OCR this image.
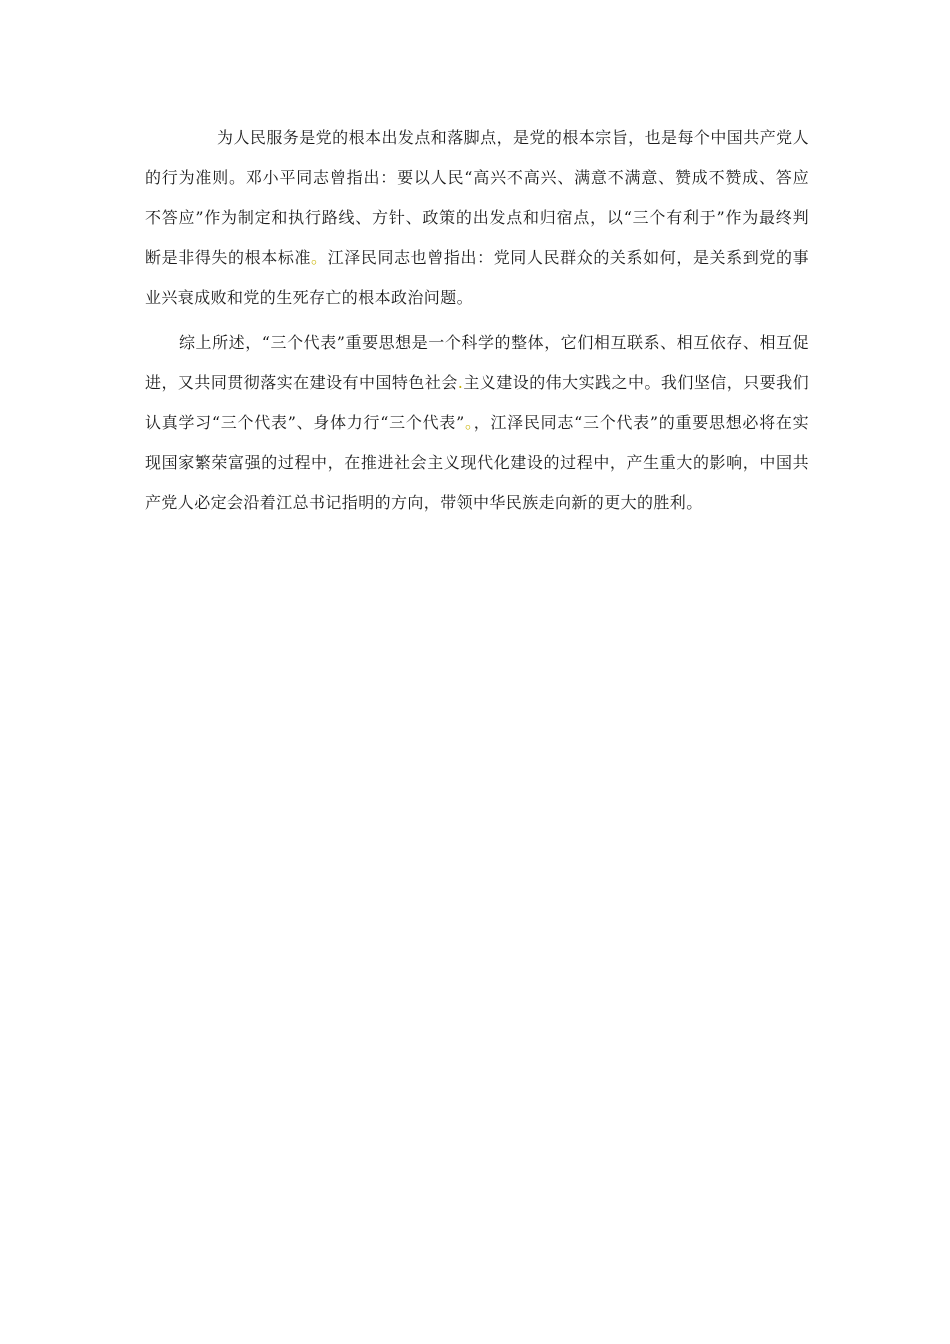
为人民服务是党的根本出发点和落脚点，是党的根本宗旨，也是每个中国共产党人的行为准则。邓小平同志曾指出：要以人民“高兴不高兴、满意不满意、赞成不赞成、答应不答应”作为制定和执行路线、方针、政策的出发点和归宿点，以“三个有利于”作为最终判断是非得失的根本标准。江泽民同志也曾指出：党同人民群众的关系如何，是关系到党的事业兴衰成败和党的生死存亡的根本政治问题。

综上所述，“三个代表”重要思想是一个科学的整体，它们相互联系、相互依存、相互促进，又共同贯彻落实在建设有中国特色社会.主义建设的伟大实践之中。我们坚信，只要我们认真学习“三个代表”、身体力行“三个代表”。，江泽民同志“三个代表”的重要思想必将在实现国家繁荣富强的过程中，在推进社会主义现代化建设的过程中，产生重大的影响，中国共产党人必定会沿着江总书记指明的方向，带领中华民族走向新的更大的胜利。
